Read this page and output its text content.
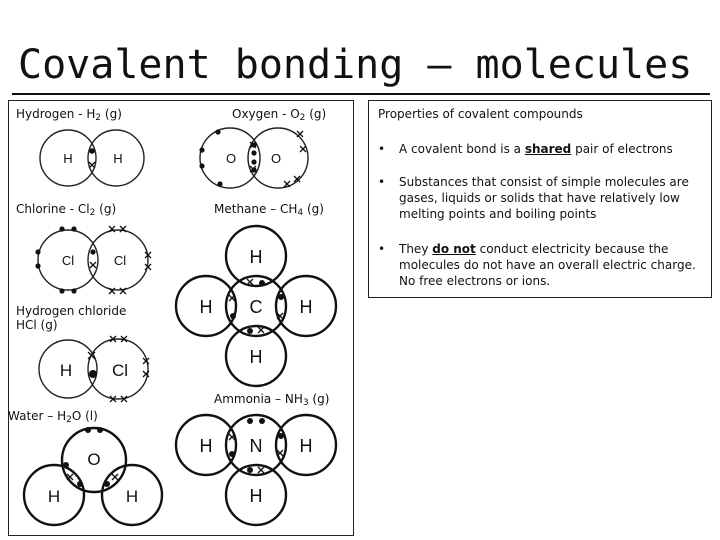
Covalent bonding – molecules
Hydrogen - $H_2$ (g)	Oxygen - $O_2$ (g)
Chlorine - $Cl_2$ (g)	Methane – $CH_4$ (g)
Hydrogen chloride
HCl (g)
Ammonia – $NH_3$ (g)
Water – $H_2O$ (l)
H	H	O	O
Cl	Cl	H
H C H
H
H Cl
H N H
H
O
H	H
Properties of covalent compounds
• A covalent bond is a shared pair of electrons
• Substances that consist of simple molecules are gases, liquids or solids that have relatively low melting points and boiling points
• They do not conduct electricity because the molecules do not have an overall electric charge. No free electrons or ions.
